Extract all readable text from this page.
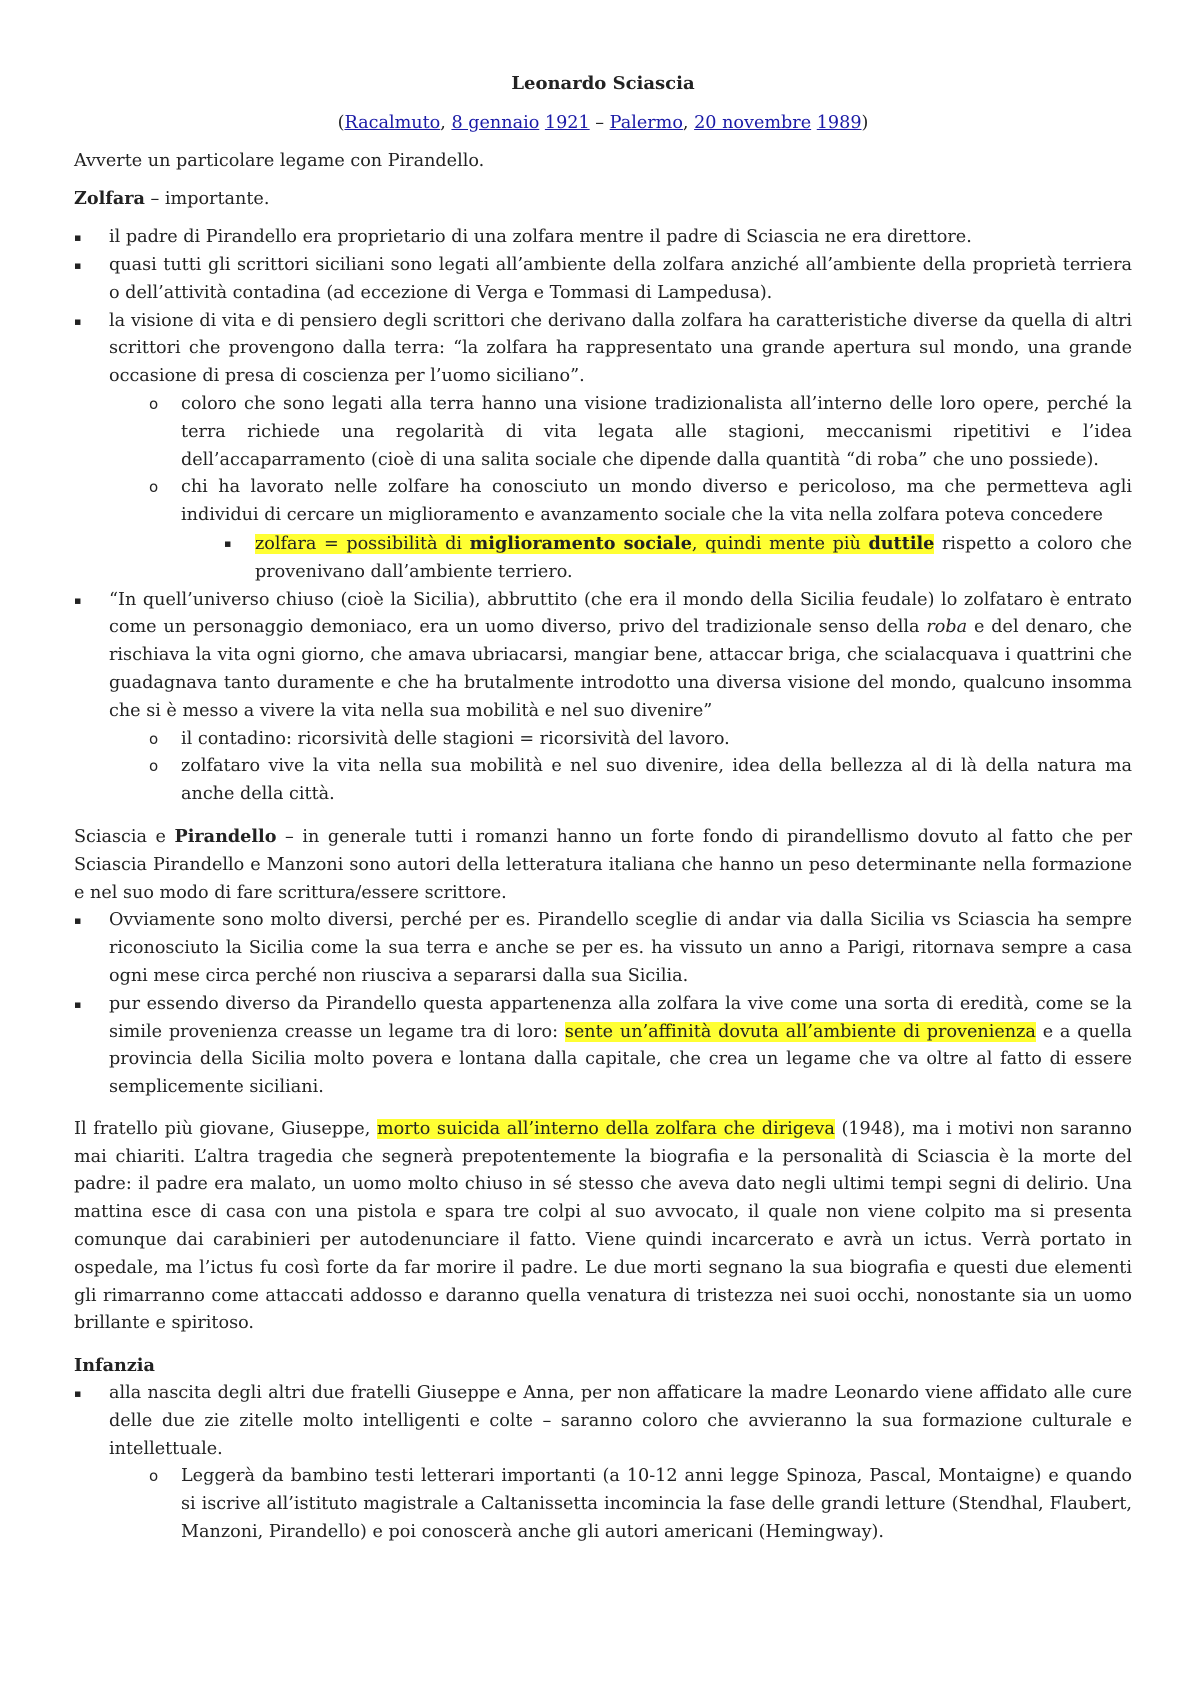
Leonardo Sciascia

(Racalmuto, 8 gennaio 1921 – Palermo, 20 novembre 1989)

Avverte un particolare legame con Pirandello.

Zolfara – importante.

▪ il padre di Pirandello era proprietario di una zolfara mentre il padre di Sciascia ne era direttore.
▪ quasi tutti gli scrittori siciliani sono legati all’ambiente della zolfara anziché all’ambiente della proprietà terriera o dell’attività contadina (ad eccezione di Verga e Tommasi di Lampedusa).
▪ la visione di vita e di pensiero degli scrittori che derivano dalla zolfara ha caratteristiche diverse da quella di altri scrittori che provengono dalla terra: “la zolfara ha rappresentato una grande apertura sul mondo, una grande occasione di presa di coscienza per l’uomo siciliano”.
o coloro che sono legati alla terra hanno una visione tradizionalista all’interno delle loro opere, perché la terra richiede una regolarità di vita legata alle stagioni, meccanismi ripetitivi e l’idea dell’accaparramento (cioè di una salita sociale che dipende dalla quantità “di roba” che uno possiede).
o chi ha lavorato nelle zolfare ha conosciuto un mondo diverso e pericoloso, ma che permetteva agli individui di cercare un miglioramento e avanzamento sociale che la vita nella zolfara poteva concedere
▪ zolfara = possibilità di miglioramento sociale, quindi mente più duttile rispetto a coloro che provenivano dall’ambiente terriero.
▪ “In quell’universo chiuso (cioè la Sicilia), abbruttito (che era il mondo della Sicilia feudale) lo zolfataro è entrato come un personaggio demoniaco, era un uomo diverso, privo del tradizionale senso della roba e del denaro, che rischiava la vita ogni giorno, che amava ubriacarsi, mangiar bene, attaccar briga, che scialacquava i quattrini che guadagnava tanto duramente e che ha brutalmente introdotto una diversa visione del mondo, qualcuno insomma che si è messo a vivere la vita nella sua mobilità e nel suo divenire”
o il contadino: ricorsività delle stagioni = ricorsività del lavoro.
o zolfataro vive la vita nella sua mobilità e nel suo divenire, idea della bellezza al di là della natura ma anche della città.

Sciascia e Pirandello – in generale tutti i romanzi hanno un forte fondo di pirandellismo dovuto al fatto che per Sciascia Pirandello e Manzoni sono autori della letteratura italiana che hanno un peso determinante nella formazione e nel suo modo di fare scrittura/essere scrittore.

▪ Ovviamente sono molto diversi, perché per es. Pirandello sceglie di andar via dalla Sicilia vs Sciascia ha sempre riconosciuto la Sicilia come la sua terra e anche se per es. ha vissuto un anno a Parigi, ritornava sempre a casa ogni mese circa perché non riusciva a separarsi dalla sua Sicilia.
▪ pur essendo diverso da Pirandello questa appartenenza alla zolfara la vive come una sorta di eredità, come se la simile provenienza creasse un legame tra di loro: sente un’affinità dovuta all’ambiente di provenienza e a quella provincia della Sicilia molto povera e lontana dalla capitale, che crea un legame che va oltre al fatto di essere semplicemente siciliani.

Il fratello più giovane, Giuseppe, morto suicida all’interno della zolfara che dirigeva (1948), ma i motivi non saranno mai chiariti. L’altra tragedia che segnerà prepotentemente la biografia e la personalità di Sciascia è la morte del padre: il padre era malato, un uomo molto chiuso in sé stesso che aveva dato negli ultimi tempi segni di delirio. Una mattina esce di casa con una pistola e spara tre colpi al suo avvocato, il quale non viene colpito ma si presenta comunque dai carabinieri per autodenunciare il fatto. Viene quindi incarcerato e avrà un ictus. Verrà portato in ospedale, ma l’ictus fu così forte da far morire il padre. Le due morti segnano la sua biografia e questi due elementi gli rimarranno come attaccati addosso e daranno quella venatura di tristezza nei suoi occhi, nonostante sia un uomo brillante e spiritoso.

Infanzia

▪ alla nascita degli altri due fratelli Giuseppe e Anna, per non affaticare la madre Leonardo viene affidato alle cure delle due zie zitelle molto intelligenti e colte – saranno coloro che avvieranno la sua formazione culturale e intellettuale.
o Leggerà da bambino testi letterari importanti (a 10-12 anni legge Spinoza, Pascal, Montaigne) e quando si iscrive all’istituto magistrale a Caltanissetta incomincia la fase delle grandi letture (Stendhal, Flaubert, Manzoni, Pirandello) e poi conoscerà anche gli autori americani (Hemingway).
